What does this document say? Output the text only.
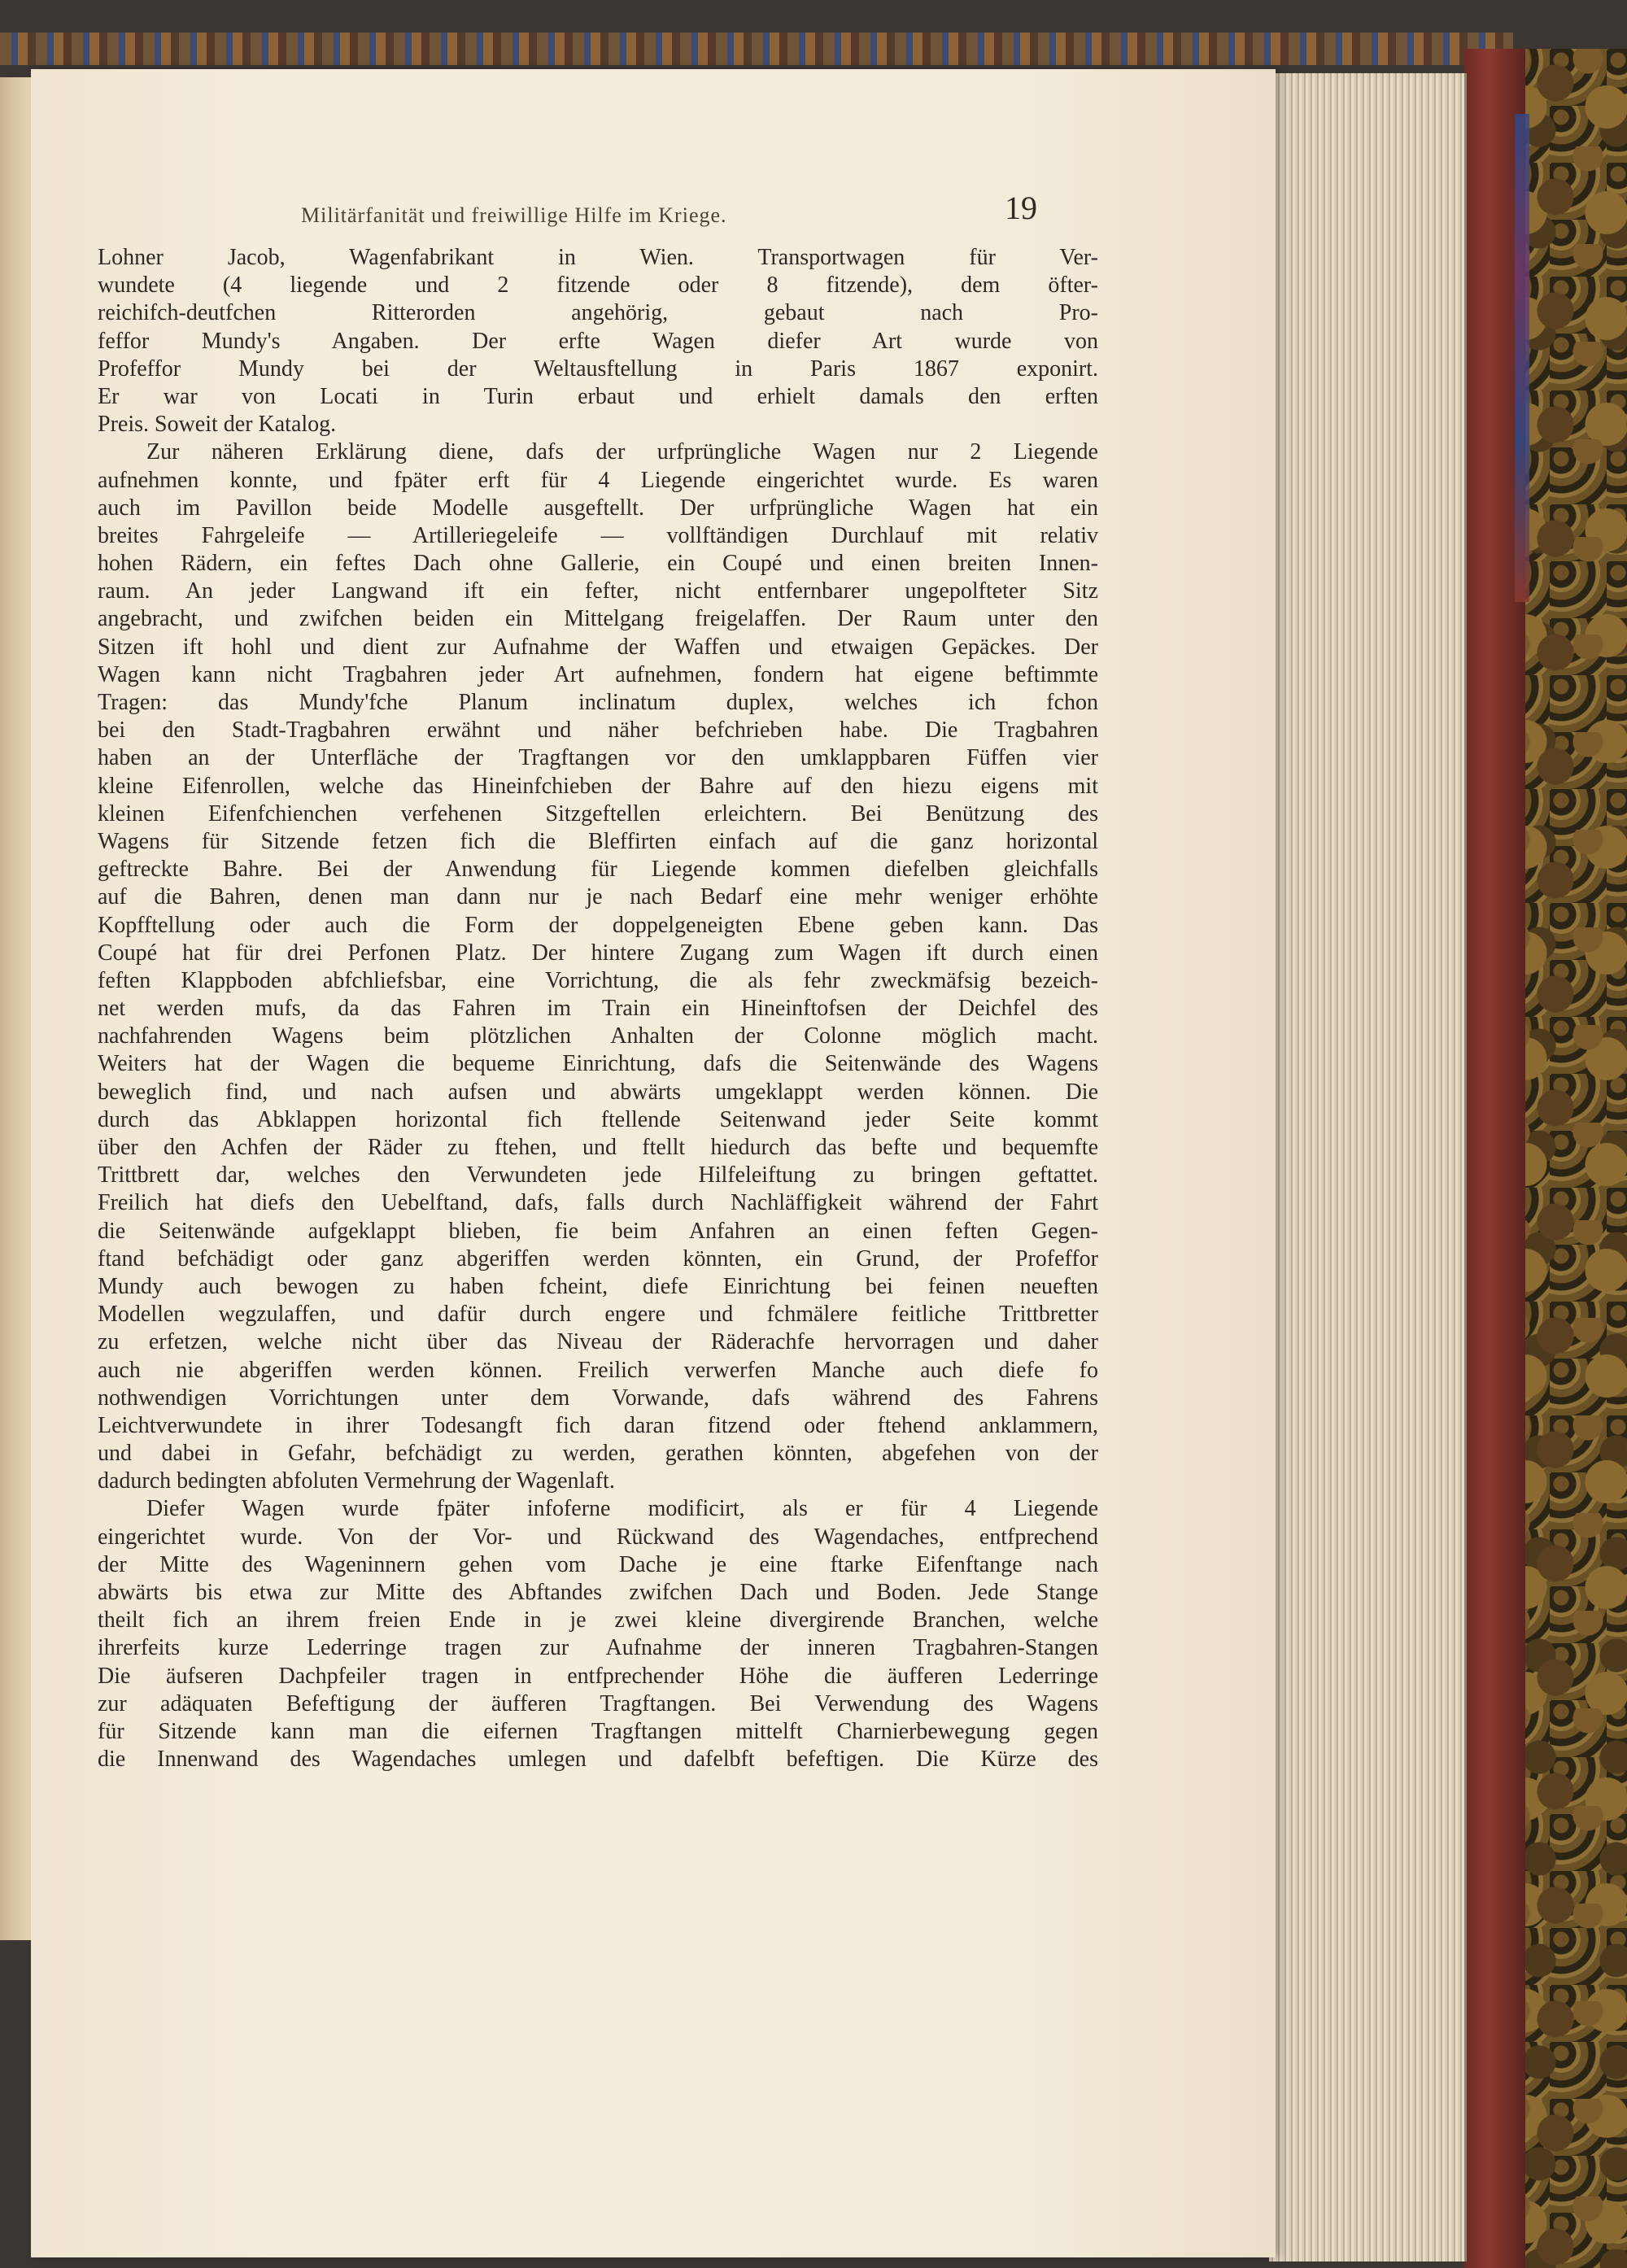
Militärfanität und freiwillige Hilfe im Kriege.	19
Lohner Jacob, Wagenfabrikant in Wien. Transportwagen für Ver-
wundete (4 liegende und 2 fitzende oder 8 fitzende), dem öfter-
reichifch-deutfchen Ritterorden angehörig, gebaut nach Pro-
feffor Mundy's Angaben. Der erfte Wagen diefer Art wurde von
Profeffor Mundy bei der Weltausftellung in Paris 1867 exponirt.
Er war von Locati in Turin erbaut und erhielt damals den erften
Preis. Soweit der Katalog.
Zur näheren Erklärung diene, dafs der urfprüngliche Wagen nur 2 Liegende
aufnehmen konnte, und fpäter erft für 4 Liegende eingerichtet wurde. Es waren
auch im Pavillon beide Modelle ausgeftellt. Der urfprüngliche Wagen hat ein
breites Fahrgeleife — Artilleriegeleife — vollftändigen Durchlauf mit relativ
hohen Rädern, ein feftes Dach ohne Gallerie, ein Coupé und einen breiten Innen-
raum. An jeder Langwand ift ein fefter, nicht entfernbarer ungepolfteter Sitz
angebracht, und zwifchen beiden ein Mittelgang freigelaffen. Der Raum unter den
Sitzen ift hohl und dient zur Aufnahme der Waffen und etwaigen Gepäckes. Der
Wagen kann nicht Tragbahren jeder Art aufnehmen, fondern hat eigene beftimmte
Tragen: das Mundy'fche Planum inclinatum duplex, welches ich fchon
bei den Stadt-Tragbahren erwähnt und näher befchrieben habe. Die Tragbahren
haben an der Unterfläche der Tragftangen vor den umklappbaren Füffen vier
kleine Eifenrollen, welche das Hineinfchieben der Bahre auf den hiezu eigens mit
kleinen Eifenfchienchen verfehenen Sitzgeftellen erleichtern. Bei Benützung des
Wagens für Sitzende fetzen fich die Bleffirten einfach auf die ganz horizontal
geftreckte Bahre. Bei der Anwendung für Liegende kommen diefelben gleichfalls
auf die Bahren, denen man dann nur je nach Bedarf eine mehr weniger erhöhte
Kopfftellung oder auch die Form der doppelgeneigten Ebene geben kann. Das
Coupé hat für drei Perfonen Platz. Der hintere Zugang zum Wagen ift durch einen
feften Klappboden abfchliefsbar, eine Vorrichtung, die als fehr zweckmäfsig bezeich-
net werden mufs, da das Fahren im Train ein Hineinftofsen der Deichfel des
nachfahrenden Wagens beim plötzlichen Anhalten der Colonne möglich macht.
Weiters hat der Wagen die bequeme Einrichtung, dafs die Seitenwände des Wagens
beweglich find, und nach aufsen und abwärts umgeklappt werden können. Die
durch das Abklappen horizontal fich ftellende Seitenwand jeder Seite kommt
über den Achfen der Räder zu ftehen, und ftellt hiedurch das befte und bequemfte
Trittbrett dar, welches den Verwundeten jede Hilfeleiftung zu bringen geftattet.
Freilich hat diefs den Uebelftand, dafs, falls durch Nachläffigkeit während der Fahrt
die Seitenwände aufgeklappt blieben, fie beim Anfahren an einen feften Gegen-
ftand befchädigt oder ganz abgeriffen werden könnten, ein Grund, der Profeffor
Mundy auch bewogen zu haben fcheint, diefe Einrichtung bei feinen neueften
Modellen wegzulaffen, und dafür durch engere und fchmälere feitliche Trittbretter
zu erfetzen, welche nicht über das Niveau der Räderachfe hervorragen und daher
auch nie abgeriffen werden können. Freilich verwerfen Manche auch diefe fo
nothwendigen Vorrichtungen unter dem Vorwande, dafs während des Fahrens
Leichtverwundete in ihrer Todesangft fich daran fitzend oder ftehend anklammern,
und dabei in Gefahr, befchädigt zu werden, gerathen könnten, abgefehen von der
dadurch bedingten abfoluten Vermehrung der Wagenlaft.
Diefer Wagen wurde fpäter infoferne modificirt, als er für 4 Liegende
eingerichtet wurde. Von der Vor- und Rückwand des Wagendaches, entfprechend
der Mitte des Wageninnern gehen vom Dache je eine ftarke Eifenftange nach
abwärts bis etwa zur Mitte des Abftandes zwifchen Dach und Boden. Jede Stange
theilt fich an ihrem freien Ende in je zwei kleine divergirende Branchen, welche
ihrerfeits kurze Lederringe tragen zur Aufnahme der inneren Tragbahren-Stangen
Die äufseren Dachpfeiler tragen in entfprechender Höhe die äufferen Lederringe
zur adäquaten Befeftigung der äufferen Tragftangen. Bei Verwendung des Wagens
für Sitzende kann man die eifernen Tragftangen mittelft Charnierbewegung gegen
die Innenwand des Wagendaches umlegen und dafelbft befeftigen. Die Kürze des
